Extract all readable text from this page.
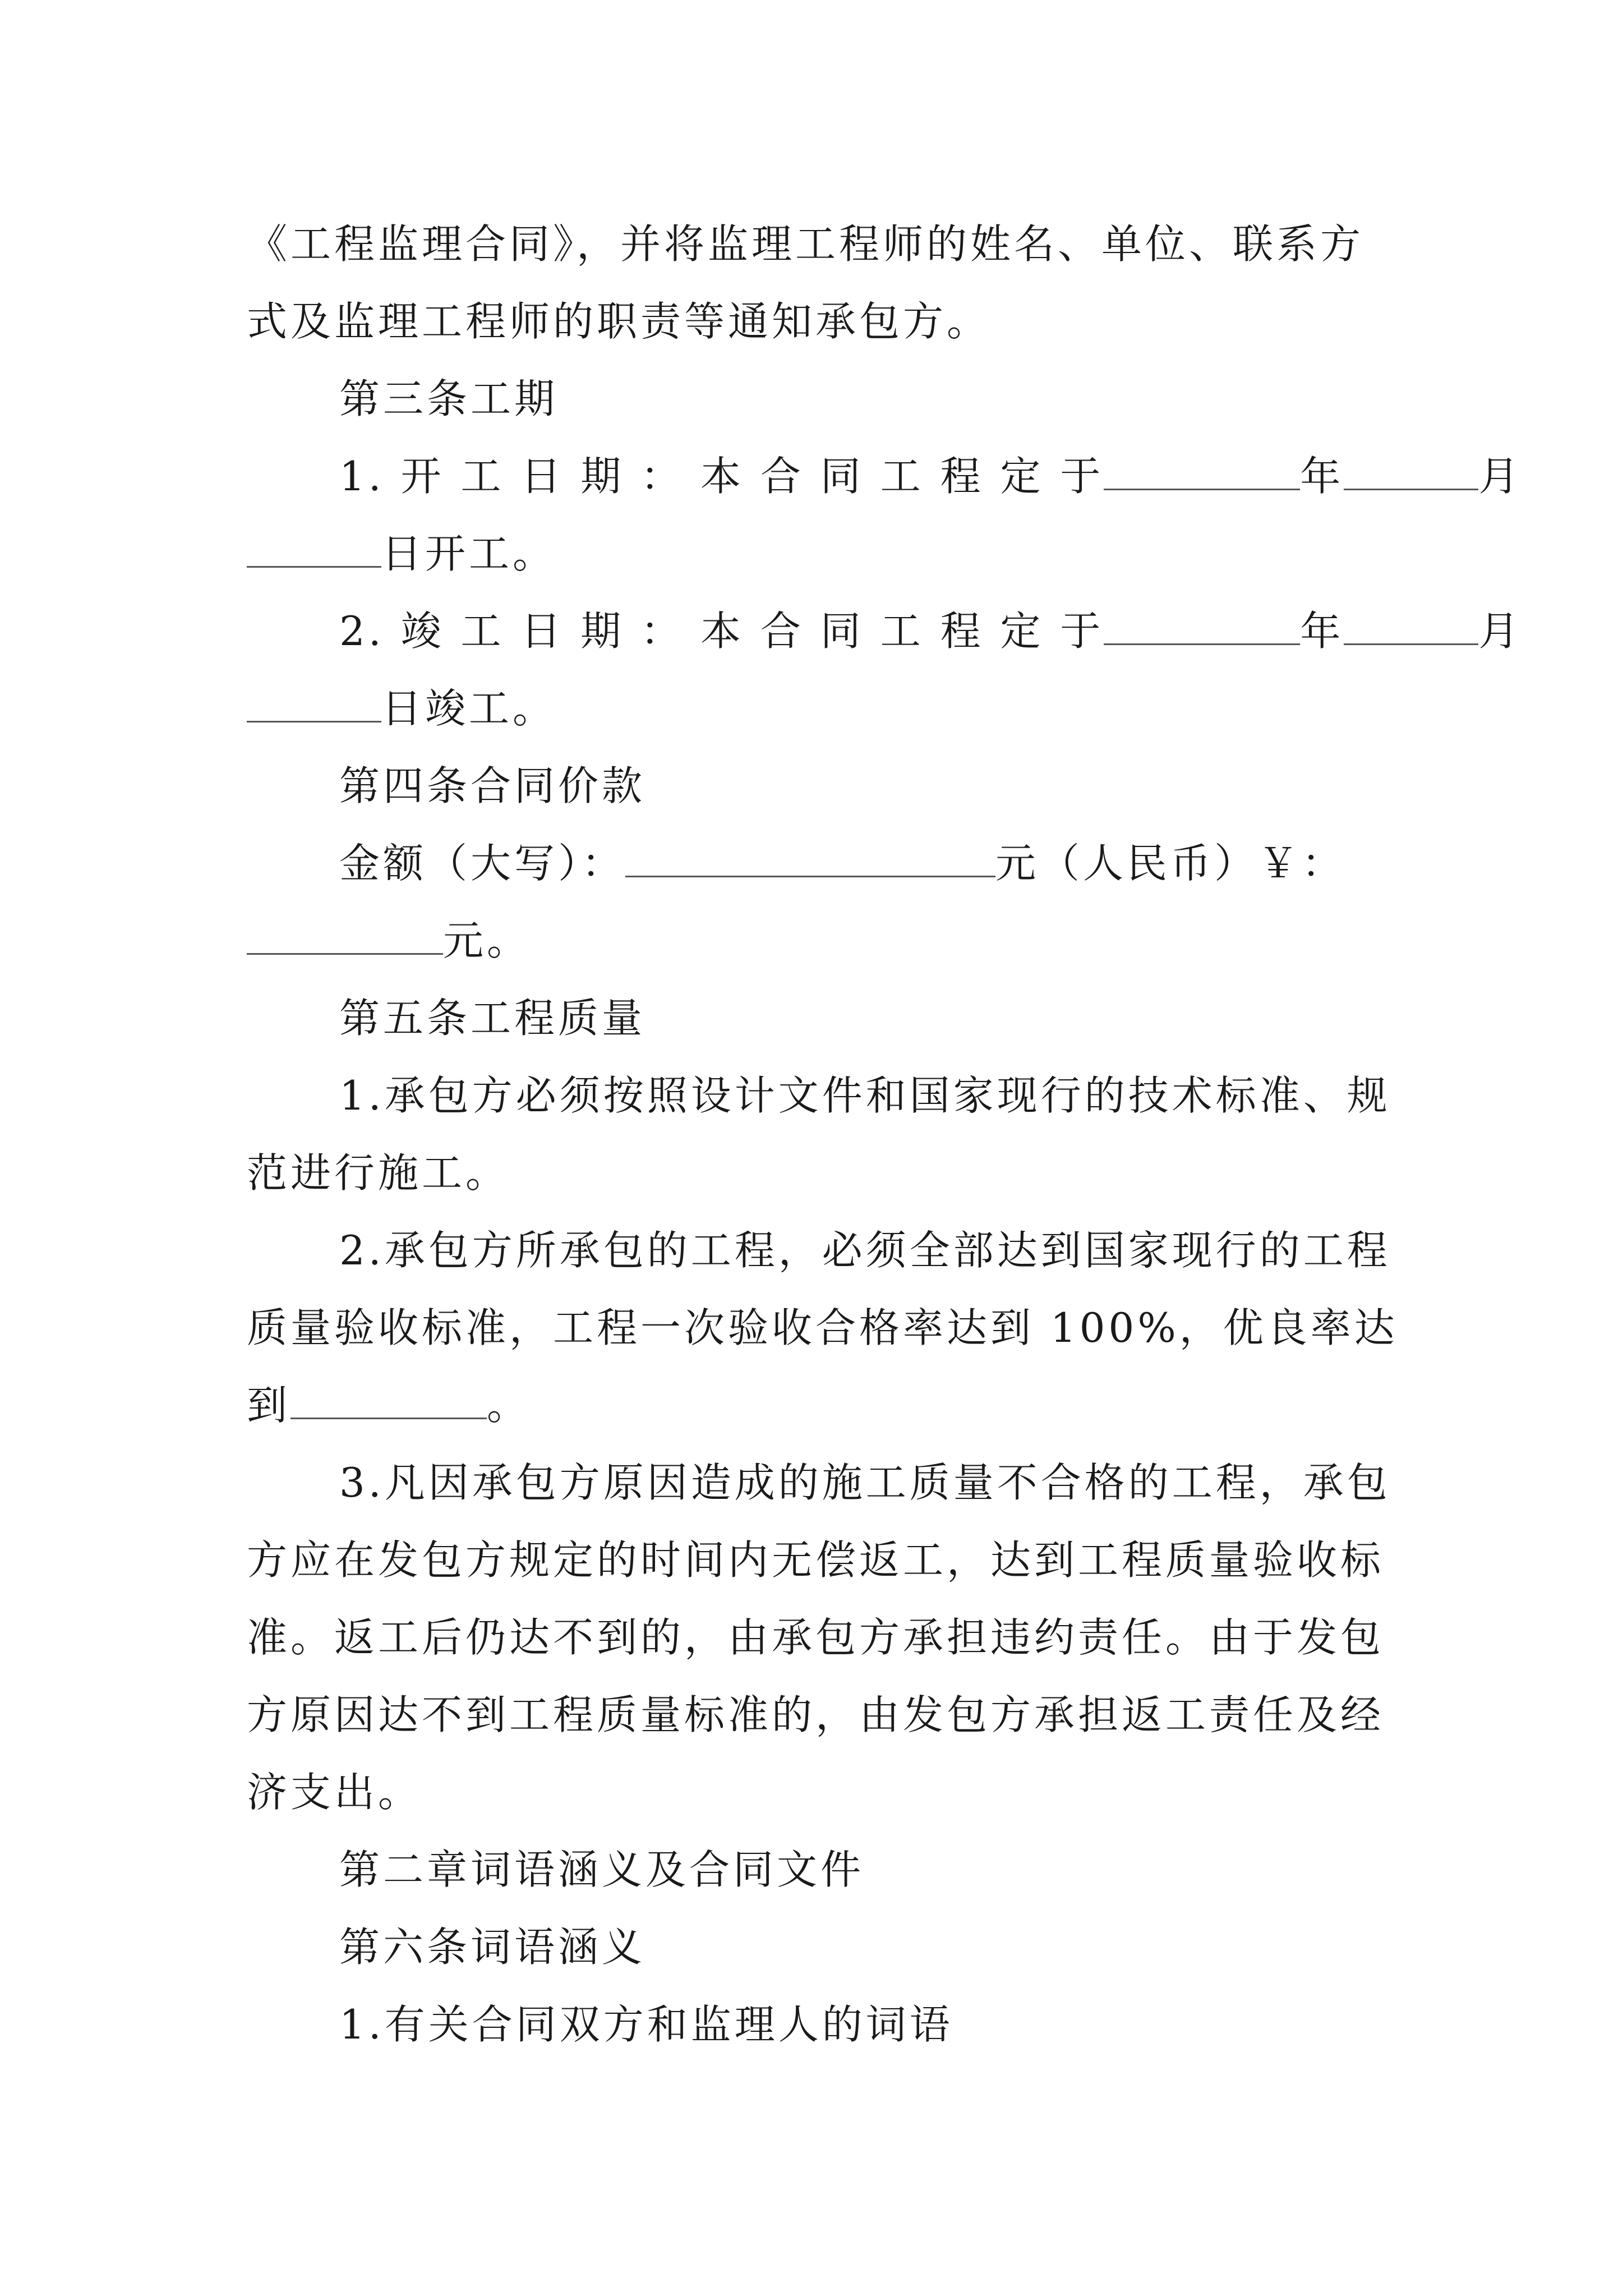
《工程监理合同》，并将监理工程师的姓名、单位、联系方
式及监理工程师的职责等通知承包方。
第三条工期
1. 开 工 日 期 ： 本 合 同 工 程 定 于	年	月
日开工。
2. 竣 工 日 期 ： 本 合 同 工 程 定 于	年	月
日竣工。
第四条合同价款
金额（大写）：	元（人民币）￥：
元。
第五条工程质量
1.承包方必须按照设计文件和国家现行的技术标准、规
范进行施工。
2.承包方所承包的工程，必须全部达到国家现行的工程
质量验收标准，工程一次验收合格率达到 100%，优良率达
到	。
3.凡因承包方原因造成的施工质量不合格的工程，承包
方应在发包方规定的时间内无偿返工，达到工程质量验收标
准。返工后仍达不到的，由承包方承担违约责任。由于发包
方原因达不到工程质量标准的，由发包方承担返工责任及经
济支出。
第二章词语涵义及合同文件
第六条词语涵义
1.有关合同双方和监理人的词语
